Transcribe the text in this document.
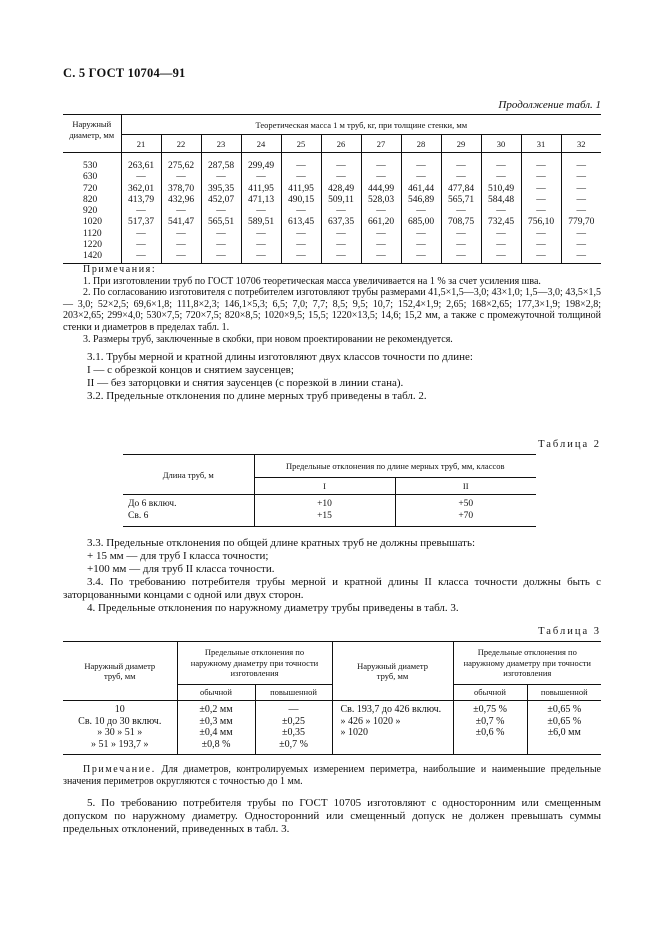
С. 5 ГОСТ 10704—91
Продолжение табл. 1
Наружный диаметр, мм	Теоретическая масса 1 м труб, кг, при толщине стенки, мм											
	21	22	23	24	25	26	27	28	29	30	31	32

530	263,61	275,62	287,58	299,49	—	—	—	—	—	—	—	—
630	—	—	—	—	—	—	—	—	—	—	—	—
720	362,01	378,70	395,35	411,95	411,95	428,49	444,99	461,44	477,84	510,49	—	—
820	413,79	432,96	452,07	471,13	490,15	509,11	528,03	546,89	565,71	584,48	—	—
920	—	—	—	—	—	—	—	—	—	—	—	—
1020	517,37	541,47	565,51	589,51	613,45	637,35	661,20	685,00	708,75	732,45	756,10	779,70
1120	—	—	—	—	—	—	—	—	—	—	—	—
1220	—	—	—	—	—	—	—	—	—	—	—	—
1420	—	—	—	—	—	—	—	—	—	—	—	—

Примечания:

1. При изготовлении труб по ГОСТ 10706 теоретическая масса увеличивается на 1 % за счет усиления шва.

2. По согласованию изготовителя с потребителем изготовляют трубы размерами 41,5×1,5—3,0; 43×1,0; 1,5—3,0; 43,5×1,5— 3,0; 52×2,5; 69,6×1,8; 111,8×2,3; 146,1×5,3; 6,5; 7,0; 7,7; 8,5; 9,5; 10,7; 152,4×1,9; 2,65; 168×2,65; 177,3×1,9; 198×2,8; 203×2,65; 299×4,0; 530×7,5; 720×7,5; 820×8,5; 1020×9,5; 15,5; 1220×13,5; 14,6; 15,2 мм, а также с промежуточной толщиной стенки и диаметров в пределах табл. 1.

3. Размеры труб, заключенные в скобки, при новом проектировании не рекомендуется.

3.1. Трубы мерной и кратной длины изготовляют двух классов точности по длине:

I — с обрезкой концов и снятием заусенцев;

II — без заторцовки и снятия заусенцев (с порезкой в линии стана).

3.2. Предельные отклонения по длине мерных труб приведены в табл. 2.

Таблица 2
Длина труб, м	Предельные отклонения по длине мерных труб, мм, классов	
	I	II

До 6 включ.	+10	+50
Св. 6	+15	+70

3.3. Предельные отклонения по общей длине кратных труб не должны превышать:

+ 15 мм — для труб I класса точности;

+100 мм — для труб II класса точности.

3.4. По требованию потребителя трубы мерной и кратной длины II класса точности должны быть с заторцованными концами с одной или двух сторон.

4. Предельные отклонения по наружному диаметру трубы приведены в табл. 3.

Таблица 3
Наружный диаметр труб, мм	Предельные отклонения по наружному диаметру при точности изготовления		Наружный диаметр труб, мм	Предельные отклонения по наружному диаметру при точности изготовления	
	обычной	повышенной		обычной	повышенной

10	±0,2 мм	—	Св. 193,7 до 426 включ.	±0,75 %	±0,65 %
Св. 10 до 30 включ.	±0,3 мм	±0,25	» 426 » 1020 »	±0,7 %	±0,65 %
» 30 » 51 »	±0,4 мм	±0,35	» 1020	±0,6 %	±6,0 мм
» 51 » 193,7 »	±0,8 %	±0,7 %			

Примечание. Для диаметров, контролируемых измерением периметра, наибольшие и наименьшие предельные значения периметров округляются с точностью до 1 мм.

5. По требованию потребителя трубы по ГОСТ 10705 изготовляют с односторонним или смещенным допуском по наружному диаметру. Односторонний или смещенный допуск не должен превышать суммы предельных отклонений, приведенных в табл. 3.
